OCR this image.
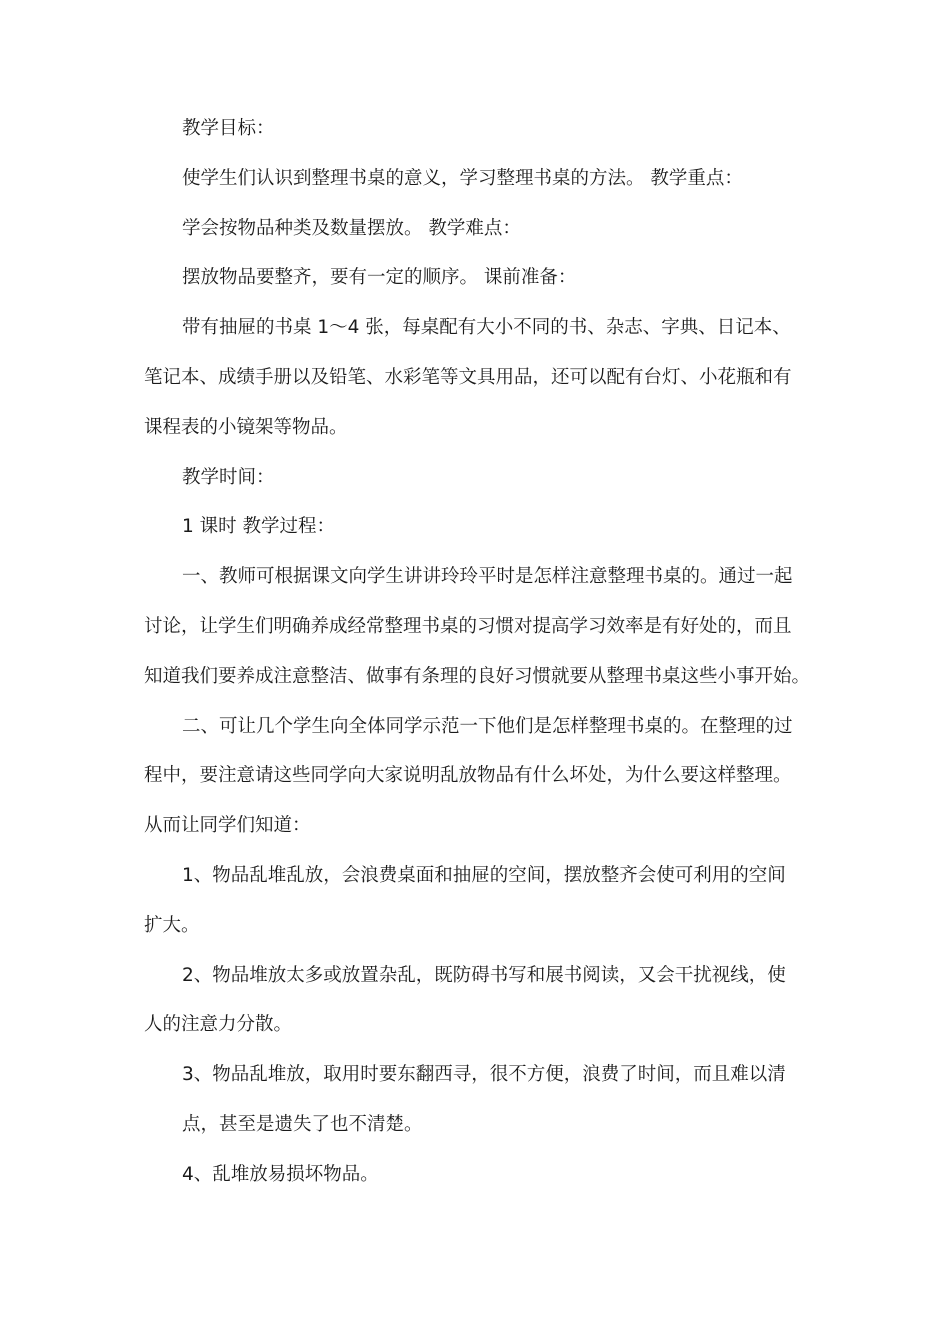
教学目标：
使学生们认识到整理书桌的意义，学习整理书桌的方法。 教学重点：
学会按物品种类及数量摆放。 教学难点：
摆放物品要整齐，要有一定的顺序。 课前准备：
带有抽屉的书桌 1～4 张，每桌配有大小不同的书、杂志、字典、日记本、
笔记本、成绩手册以及铅笔、水彩笔等文具用品，还可以配有台灯、小花瓶和有
课程表的小镜架等物品。
教学时间：
1 课时 教学过程：
一、教师可根据课文向学生讲讲玲玲平时是怎样注意整理书桌的。通过一起
讨论，让学生们明确养成经常整理书桌的习惯对提高学习效率是有好处的，而且
知道我们要养成注意整洁、做事有条理的良好习惯就要从整理书桌这些小事开始。
二、可让几个学生向全体同学示范一下他们是怎样整理书桌的。在整理的过
程中，要注意请这些同学向大家说明乱放物品有什么坏处，为什么要这样整理。
从而让同学们知道：
1、物品乱堆乱放，会浪费桌面和抽屉的空间，摆放整齐会使可利用的空间
扩大。
2、物品堆放太多或放置杂乱，既防碍书写和展书阅读，又会干扰视线，使
人的注意力分散。
3、物品乱堆放，取用时要东翻西寻，很不方便，浪费了时间，而且难以清
点，甚至是遗失了也不清楚。
4、乱堆放易损坏物品。
